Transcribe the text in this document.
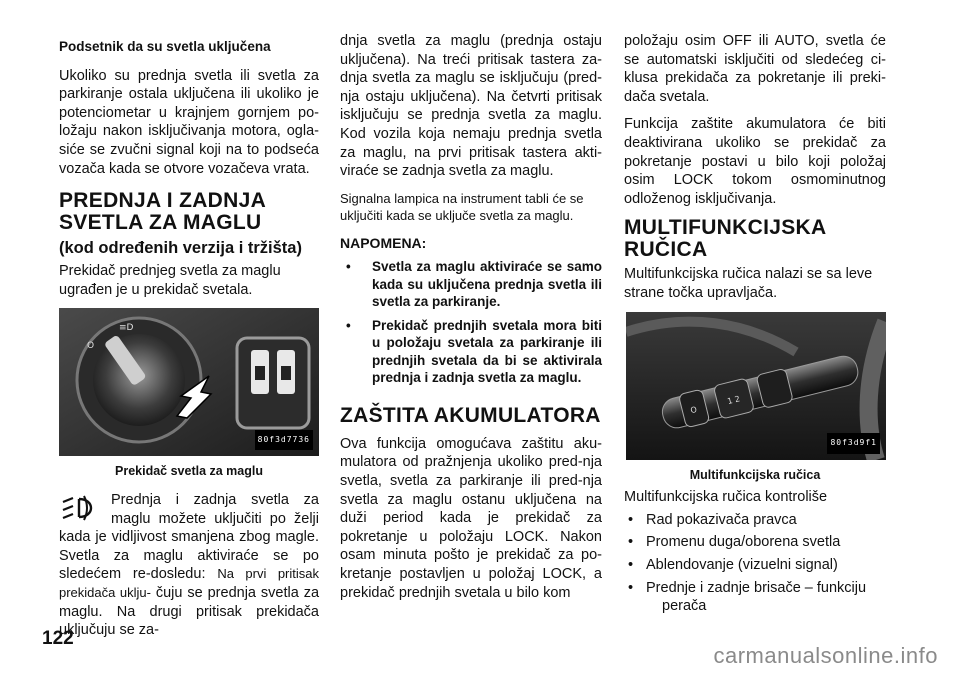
Podsetnik da su svetla uključena

Ukoliko su prednja svetla ili svetla za parkiranje ostala uključena ili ukoliko je potenciometar u krajnjem gornjem po-ložaju nakon isključivanja motora, ogla-siće se zvučni signal koji na to podseća vozača kada se otvore vozačeva vrata.

PREDNJA I ZADNJA
SVETLA ZA MAGLU
(kod određenih verzija i tržišta)

Prekidač prednjeg svetla za maglu ugrađen je u prekidač svetala.

O
≡D
80f3d7736
Prekidač svetla za maglu

Prednja i zadnja svetla za maglu možete uključiti po želji kada je vidljivost smanjena zbog magle. Svetla za maglu aktiviraće se po sledećem re-dosledu: Na prvi pritisak prekidača uklju- čuju se prednja svetla za maglu. Na drugi pritisak prekidača uključuju se za-

dnja svetla za maglu (prednja ostaju uključena). Na treći pritisak tastera za-dnja svetla za maglu se isključuju (pred-nja ostaju uključena). Na četvrti pritisak isključuju se prednja svetla za maglu. Kod vozila koja nemaju prednja svetla za maglu, na prvi pritisak tastera akti-viraće se zadnja svetla za maglu.

Signalna lampica na instrument tabli će se uključiti kada se uključe svetla za maglu.

NAPOMENA:
• Svetla za maglu aktiviraće se samo kada su uključena prednja svetla ili svetla za parkiranje.
• Prekidač prednjih svetala mora biti u položaju svetala za parkiranje ili prednjih svetala da bi se aktivirala prednja i zadnja svetla za maglu.
ZAŠTITA AKUMULATORA

Ova funkcija omogućava zaštitu aku-mulatora od pražnjenja ukoliko pred-nja svetla, svetla za parkiranje ili pred-nja svetla za maglu ostanu uključena na duži period kada je prekidač za pokretanje u položaju LOCK. Nakon osam minuta pošto je prekidač za po-kretanje postavljen u položaj LOCK, a prekidač prednjih svetala u bilo kom

položaju osim OFF ili AUTO, svetla će se automatski isključiti od sledećeg ci-klusa prekidača za pokretanje ili preki-dača svetala.

Funkcija zaštite akumulatora će biti deaktivirana ukoliko se prekidač za pokretanje postavi u bilo koji položaj osim LOCK tokom osmominutnog odloženog isključivanja.

MULTIFUNKCIJSKA
RUČICA

Multifunkcijska ručica nalazi se sa leve strane točka upravljača.

O
1 2
80f3d9f1
Multifunkcijska ručica

Multifunkcijska ručica kontroliše

• Rad pokazivača pravca
• Promenu duga/oborena svetla
• Ablendovanje (vizuelni signal)
• Prednje i zadnje brisače – funkciju
perača
122
carmanualsonline.info
